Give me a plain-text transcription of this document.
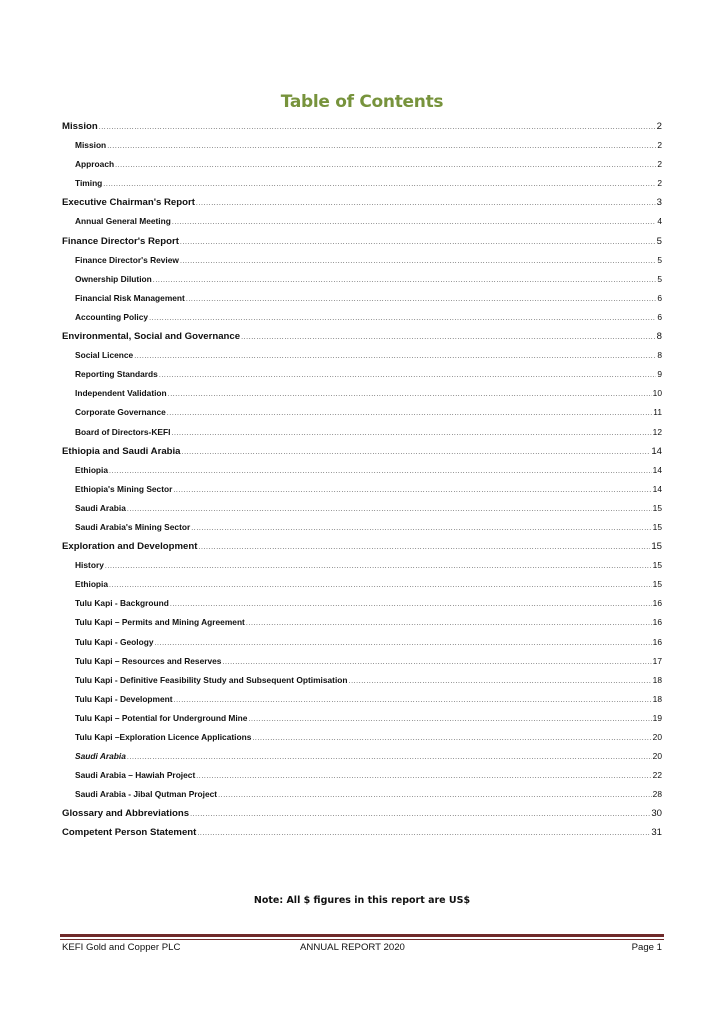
Table of Contents
Mission .....	2
Mission .....	2
Approach .....	2
Timing .....	2
Executive Chairman's Report .....	3
Annual General Meeting .....	4
Finance Director's Report .....	5
Finance Director's Review .....	5
Ownership Dilution .....	5
Financial Risk Management .....	6
Accounting Policy .....	6
Environmental, Social and Governance .....	8
Social Licence .....	8
Reporting Standards .....	9
Independent Validation .....	10
Corporate Governance .....	11
Board of Directors-KEFI .....	12
Ethiopia and Saudi Arabia .....	14
Ethiopia .....	14
Ethiopia's Mining Sector .....	14
Saudi Arabia .....	15
Saudi Arabia's Mining Sector .....	15
Exploration and Development .....	15
History .....	15
Ethiopia .....	15
Tulu Kapi - Background .....	16
Tulu Kapi – Permits and Mining Agreement .....	16
Tulu Kapi - Geology .....	16
Tulu Kapi – Resources and Reserves .....	17
Tulu Kapi - Definitive Feasibility Study and Subsequent Optimisation .....	18
Tulu Kapi - Development .....	18
Tulu Kapi – Potential for Underground Mine .....	19
Tulu Kapi –Exploration Licence Applications .....	20
Saudi Arabia .....	20
Saudi Arabia – Hawiah Project .....	22
Saudi Arabia - Jibal Qutman Project .....	28
Glossary and Abbreviations .....	30
Competent Person Statement .....	31
Note: All $ figures in this report are US$
KEFI Gold and Copper PLC	ANNUAL REPORT 2020	Page 1
